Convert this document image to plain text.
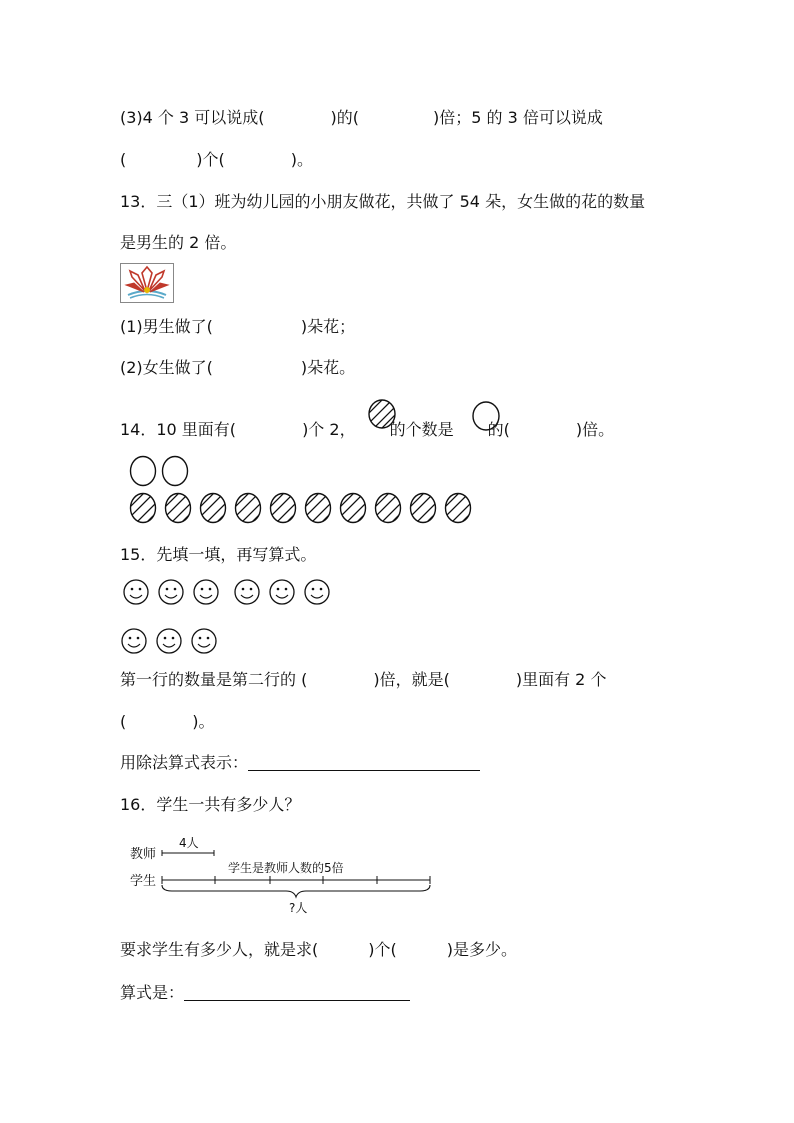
(3)4 个 3 可以说成(	)的(	)倍；5 的 3 倍可以说成
(	)个(	)。
13．三（1）班为幼儿园的小朋友做花，共做了 54 朵，女生做的花的数量
是男生的 2 倍。
(1)男生做了(	)朵花；
(2)女生做了(	)朵花。
14．10 里面有(	)个 2， 的个数是 的(	)倍。
15．先填一填，再写算式。
第一行的数量是第二行的 (	)倍，就是(	)里面有 2 个
(	)。
用除法算式表示：
16．学生一共有多少人？
教师
学生
4人
学生是教师人数的5倍
?人
要求学生有多少人，就是求(	)个(	)是多少。
算式是：
